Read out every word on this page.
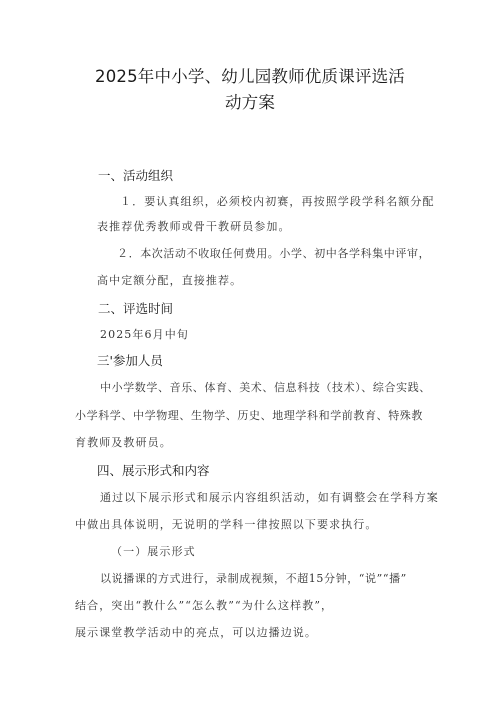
2025年中小学、幼儿园教师优质课评选活
动方案
一、活动组织
１．要认真组织，必须校内初赛，再按照学段学科名额分配
表推荐优秀教师或骨干教研员参加。
２．本次活动不收取任何费用。小学、初中各学科集中评审，
高中定额分配，直接推荐。
二、评选时间
2025年6月中旬
三'参加人员
中小学数学、音乐、体育、美术、信息科技（技术）、综合实践、
小学科学、中学物理、生物学、历史、地理学科和学前教育、特殊教
育教师及教研员。
四、展示形式和内容
通过以下展示形式和展示内容组织活动，如有调整会在学科方案
中做出具体说明，无说明的学科一律按照以下要求执行。
（一）展示形式
以说播课的方式进行，录制成视频，不超15分钟，“说”“播”
结合，突出“教什么”“怎么教”“为什么这样教”，
展示课堂教学活动中的亮点，可以边播边说。
